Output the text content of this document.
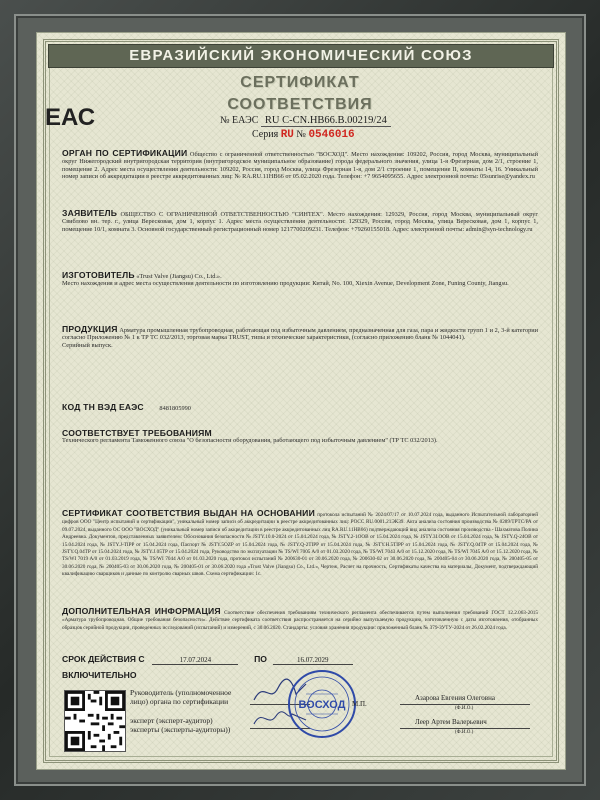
ЕВРАЗИЙСКИЙ ЭКОНОМИЧЕСКИЙ СОЮЗ
СЕРТИФИКАТ СООТВЕТСТВИЯ
ЕАС	№ ЕАЭС RU С-CN.НВ66.В.00219/24
Серия RU № 0546016
ОРГАН ПО СЕРТИФИКАЦИИ Общество с ограниченной ответственностью "ВОСХОД". Место нахождения: 109202, Россия, город Москва, муниципальный округ Нижегородский внутригородская территория (внутригородское муниципальное образование) города федерального значения, улица 1-я Фрезерная, дом 2/1, строение 1, помещение 2. Адрес места осуществления деятельности: 109202, Россия, город Москва, улица Фрезерная 1-я, дом 2/1 строение 1, помещение II, комнаты 14, 16. Уникальный номер записи об аккредитации в реестре аккредитованных лиц: № RA.RU.11НВ66 от 05.02.2020 года. Телефон: +7 9654095655. Адрес электронной почты: 05sunrise@yandex.ru
ЗАЯВИТЕЛЬ ОБЩЕСТВО С ОГРАНИЧЕННОЙ ОТВЕТСТВЕННОСТЬЮ "СИНТЕХ". Место нахождения: 129329, Россия, город Москва, муниципальный округ Свиблово вн. тер. г., улица Вересковая, дом 1, корпус 1. Адрес места осуществления деятельности: 129329, Россия, город Москва, улица Вересковая, дом 1, корпус 1, помещение 10/1, комната 3. Основной государственный регистрационный номер 1217700209231. Телефон: +79260155018. Адрес электронной почты: admin@syn-technology.ru
ИЗГОТОВИТЕЛЬ «Trust Valve (Jiangsu) Co., Ltd.».
Место нахождения и адрес места осуществления деятельности по изготовлению продукции: Китай, No. 100, Xiexin Avenue, Development Zone, Funing County, Jiangsu.
ПРОДУКЦИЯ Арматура промышленная трубопроводная, работающая под избыточным давлением, предназначенная для газа, пара и жидкости групп 1 и 2, 3-й категории согласно Приложению № 1 к ТР ТС 032/2013, торговая марка TRUST, типы и технические характеристики, (согласно приложению бланк № 1044041).
Серийный выпуск.
КОД ТН ВЭД ЕАЭС 8481805990
СООТВЕТСТВУЕТ ТРЕБОВАНИЯМ
Технического регламента Таможенного союза "О безопасности оборудования, работающего под избыточным давлением" (ТР ТС 032/2013).
СЕРТИФИКАТ СООТВЕТСТВИЯ ВЫДАН НА ОСНОВАНИИ протокола испытаний № 2024/07/17 от 10.07.2024 года, выданного Испытательной лабораторией цифров ООО "Центр испытаний и сертификации", уникальный номер записи об аккредитации в реестре аккредитованных лиц: РОСС RU.0001.21ЭК39. Акта анализа состояния производства № 0289/ТРТС/РА от 09.07.2024, выданного ОС ООО "ВОСХОД" (уникальный номер записи об аккредитации в реестре аккредитованных лиц RA.RU.11НВ66) подтверждающий вид анализа состояния производства - Шахматова Полина Андреевна. Документов, представленных заявителем: Обоснования безопасности № JSTY.10.0-2024 от 15.04.2024 года, № JSTY.2-1OOB от 15.04.2024 года, № JSTY.3I.OOB от 15.04.2024 года, № JSTY.Q-24OB от 15.04.2024 года, № JSTY.J-TIPP от 15.04.2024 года, Паспорт № JSTY.5OZP от 15.04.2024 года, № JSTY.Q-2TIPP от 15.04.2024 года, № JSTY.H.5TIPP от 15.04.2024 года, № JSTY.Q.04TP от 15.04.2024 года, № JSTY.Q.04TP от 15.04.2024 года, № JSTY.J.05TP от 15.04.2024 года, Руководство по эксплуатации № TS/WI 7005 A/0 от 01.03.2020 года, № TS/WI 7043 A/0 от 15.12.2020 года, № TS/WI 7045 A/0 от 15.12.2020 года, № TS/WI 7019 A/0 от 01.03.2019 года, № TS/WI 7044 A/0 от 01.03.2020 года, протокол испытаний № 200630-01 от 30.06.2020 года, № 200630-02 от 30.06.2020 года, № 200405-04 от 30.06.2020 года, № 200405-05 от 30.06.2020 года, № 200405-03 от 30.06.2020 года, № 200405-01 от 30.06.2020 года «Trust Valve (Jiangsu) Co., Ltd.», Чертеж, Расчет на прочность, Сертификаты качества на материалы, Документ, подтверждающий квалификацию сварщиков и данные по контролю сварных швов. Схема сертификации: 1с.
ДОПОЛНИТЕЛЬНАЯ ИНФОРМАЦИЯ Соответствие обеспечения требованиям технического регламента обеспечивается путем выполнения требований ГОСТ 12.2.063-2015 «Арматура трубопроводная. Общие требования безопасности». Действие сертификата соответствия распространяется на серийно выпускаемую продукцию, изготовленную с даты изготовления, отобранных образцов серийной продукции, проведенных исследований (испытаний) и измерений, с 30.06.2020. Стандарты: условия хранения продукции: приложенный бланк № 379-ЗУТУ-2024 от 26.02.2024 года.
СРОК ДЕЙСТВИЯ С	17.07.2024	ПО	16.07.2029
ВКЛЮЧИТЕЛЬНО
Руководитель (уполномоченное
лицо) органа по сертификации	Азарова Евгения Олеговна
(Ф.И.О.)
эксперт (эксперт-аудитор)
эксперты (эксперты-аудиторы))
Леер Артем Валерьевич
(Ф.И.О.)
ВОСХОД М.П.
